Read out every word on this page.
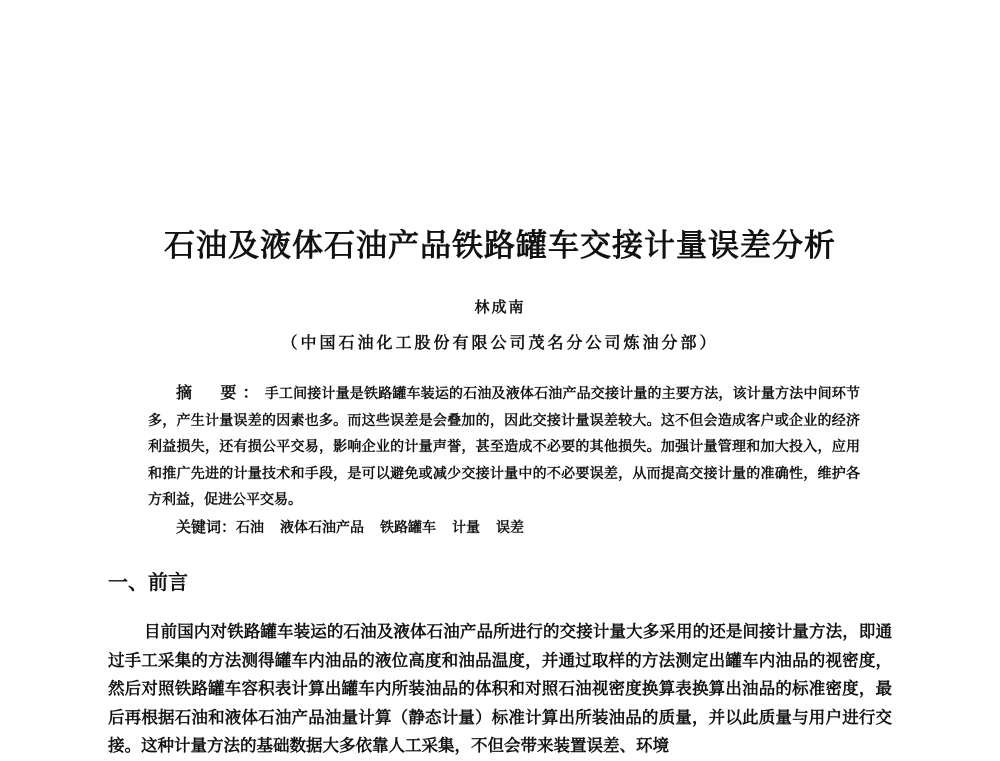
石油及液体石油产品铁路罐车交接计量误差分析
林成南
（中国石油化工股份有限公司茂名分公司炼油分部）

摘　要：手工间接计量是铁路罐车装运的石油及液体石油产品交接计量的主要方法，该计量方法中间环节多，产生计量误差的因素也多。而这些误差是会叠加的，因此交接计量误差较大。这不但会造成客户或企业的经济利益损失，还有损公平交易，影响企业的计量声誉，甚至造成不必要的其他损失。加强计量管理和加大投入，应用和推广先进的计量技术和手段，是可以避免或减少交接计量中的不必要误差，从而提高交接计量的准确性，维护各方利益，促进公平交易。

关键词：石油 液体石油产品 铁路罐车 计量 误差
一、前言

目前国内对铁路罐车装运的石油及液体石油产品所进行的交接计量大多采用的还是间接计量方法，即通过手工采集的方法测得罐车内油品的液位高度和油品温度，并通过取样的方法测定出罐车内油品的视密度，然后对照铁路罐车容积表计算出罐车内所装油品的体积和对照石油视密度换算表换算出油品的标准密度，最后再根据石油和液体石油产品油量计算（静态计量）标准计算出所装油品的质量，并以此质量与用户进行交接。这种计量方法的基础数据大多依靠人工采集，不但会带来装置误差、环境
